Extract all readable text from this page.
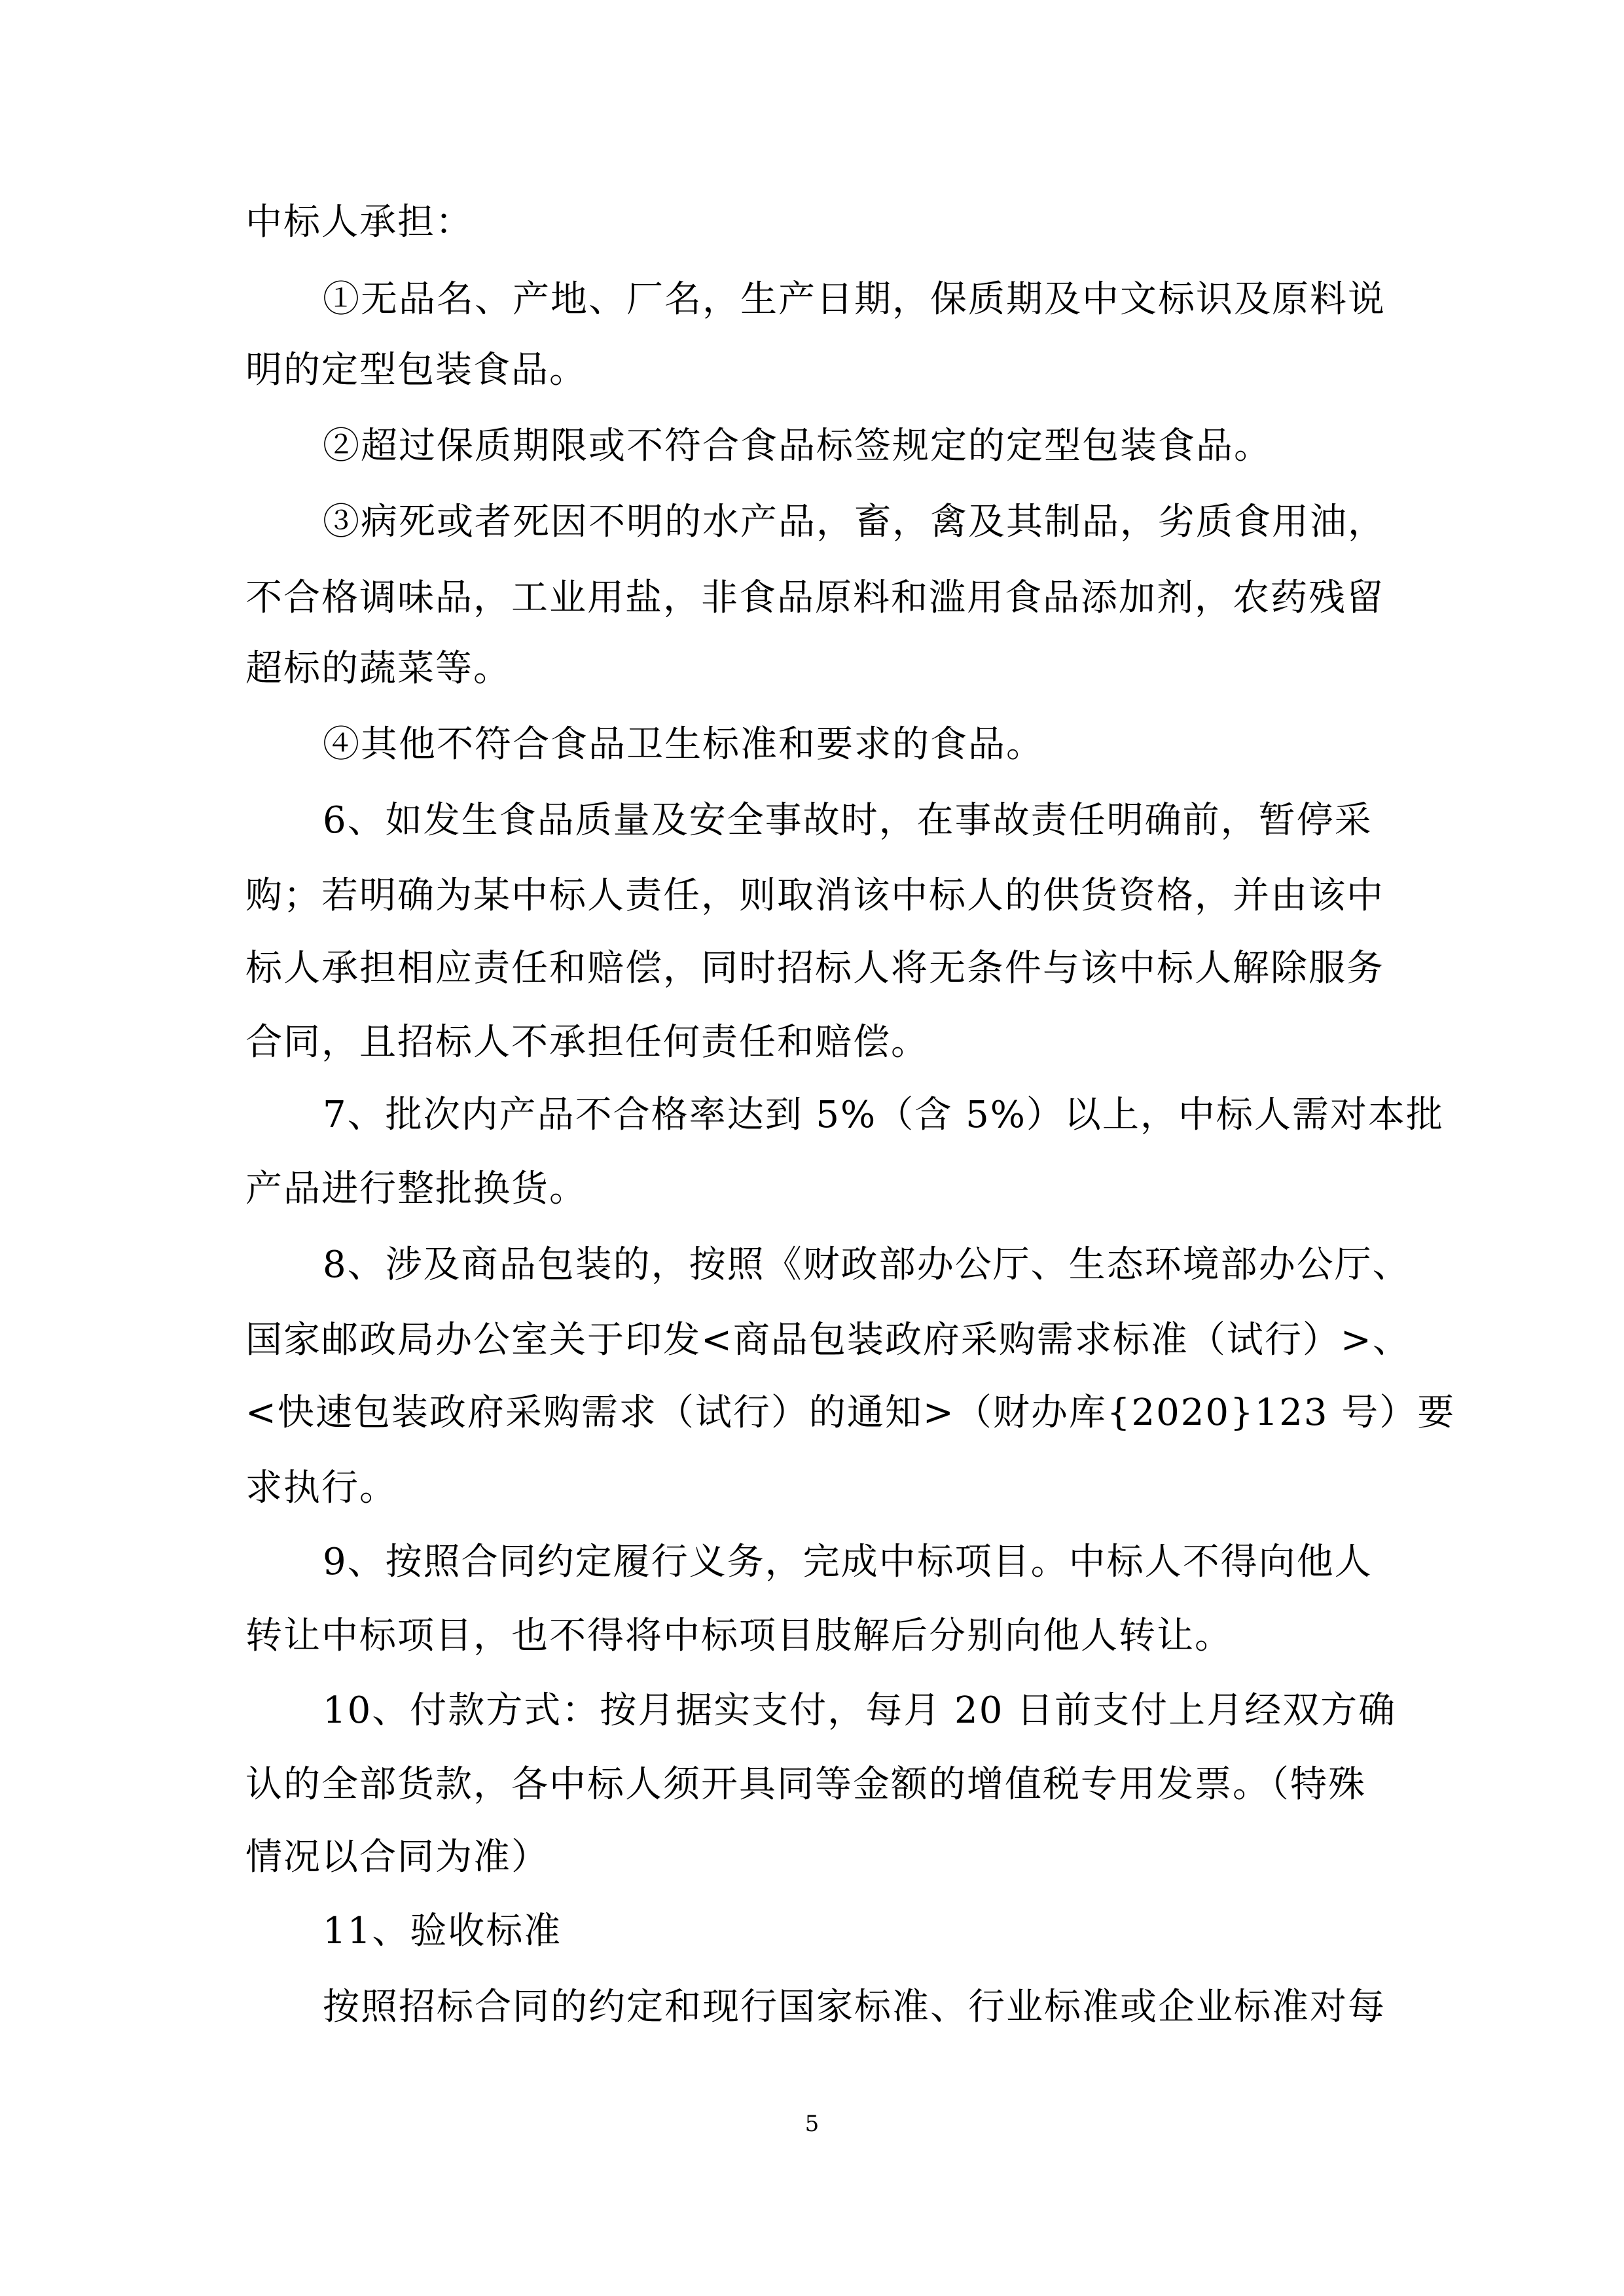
中标人承担：
①无品名、产地、厂名，生产日期，保质期及中文标识及原料说
明的定型包装食品。
②超过保质期限或不符合食品标签规定的定型包装食品。
③病死或者死因不明的水产品，畜，禽及其制品，劣质食用油，
不合格调味品，工业用盐，非食品原料和滥用食品添加剂，农药残留
超标的蔬菜等。
④其他不符合食品卫生标准和要求的食品。
6、如发生食品质量及安全事故时，在事故责任明确前，暂停采
购；若明确为某中标人责任，则取消该中标人的供货资格，并由该中
标人承担相应责任和赔偿，同时招标人将无条件与该中标人解除服务
合同，且招标人不承担任何责任和赔偿。
7、批次内产品不合格率达到 5%（含 5%）以上，中标人需对本批
产品进行整批换货。
8、涉及商品包装的，按照《财政部办公厅、生态环境部办公厅、
国家邮政局办公室关于印发<商品包装政府采购需求标准（试行）>、
<快速包装政府采购需求（试行）的通知>（财办库{2020}123 号）要
求执行。
9、按照合同约定履行义务，完成中标项目。中标人不得向他人
转让中标项目，也不得将中标项目肢解后分别向他人转让。
10、付款方式：按月据实支付，每月 20 日前支付上月经双方确
认的全部货款，各中标人须开具同等金额的增值税专用发票。（特殊
情况以合同为准）
11、验收标准
按照招标合同的约定和现行国家标准、行业标准或企业标准对每
5
